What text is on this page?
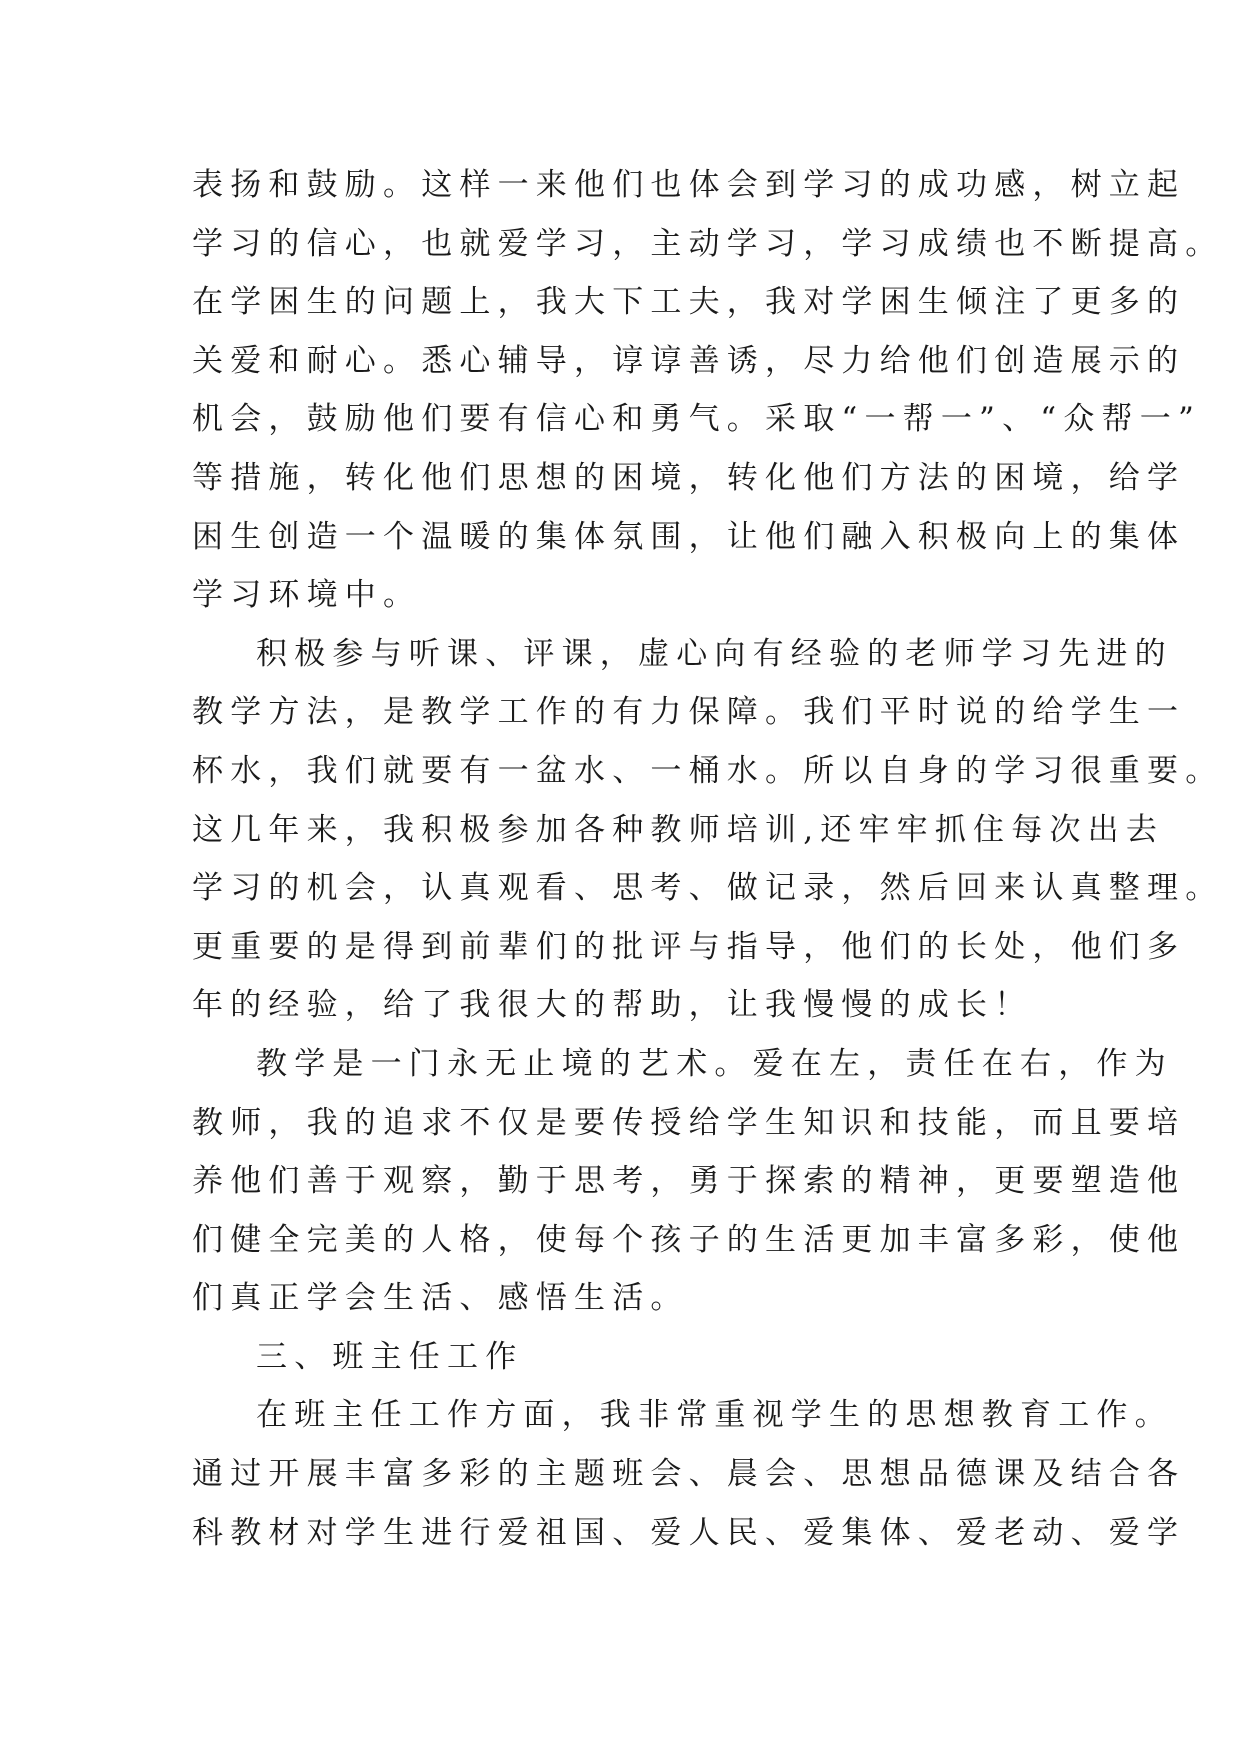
表扬和鼓励。这样一来他们也体会到学习的成功感，树立起
学习的信心，也就爱学习，主动学习，学习成绩也不断提高。
在学困生的问题上，我大下工夫，我对学困生倾注了更多的
关爱和耐心。悉心辅导，谆谆善诱，尽力给他们创造展示的
机会，鼓励他们要有信心和勇气。采取“一帮一”、“众帮一”
等措施，转化他们思想的困境，转化他们方法的困境，给学
困生创造一个温暖的集体氛围，让他们融入积极向上的集体
学习环境中。
积极参与听课、评课，虚心向有经验的老师学习先进的
教学方法，是教学工作的有力保障。我们平时说的给学生一
杯水，我们就要有一盆水、一桶水。所以自身的学习很重要。
这几年来，我积极参加各种教师培训,还牢牢抓住每次出去
学习的机会，认真观看、思考、做记录，然后回来认真整理。
更重要的是得到前辈们的批评与指导，他们的长处，他们多
年的经验，给了我很大的帮助，让我慢慢的成长！
教学是一门永无止境的艺术。爱在左，责任在右，作为
教师，我的追求不仅是要传授给学生知识和技能，而且要培
养他们善于观察，勤于思考，勇于探索的精神，更要塑造他
们健全完美的人格，使每个孩子的生活更加丰富多彩，使他
们真正学会生活、感悟生活。
三、班主任工作
在班主任工作方面，我非常重视学生的思想教育工作。
通过开展丰富多彩的主题班会、晨会、思想品德课及结合各
科教材对学生进行爱祖国、爱人民、爱集体、爱老动、爱学
